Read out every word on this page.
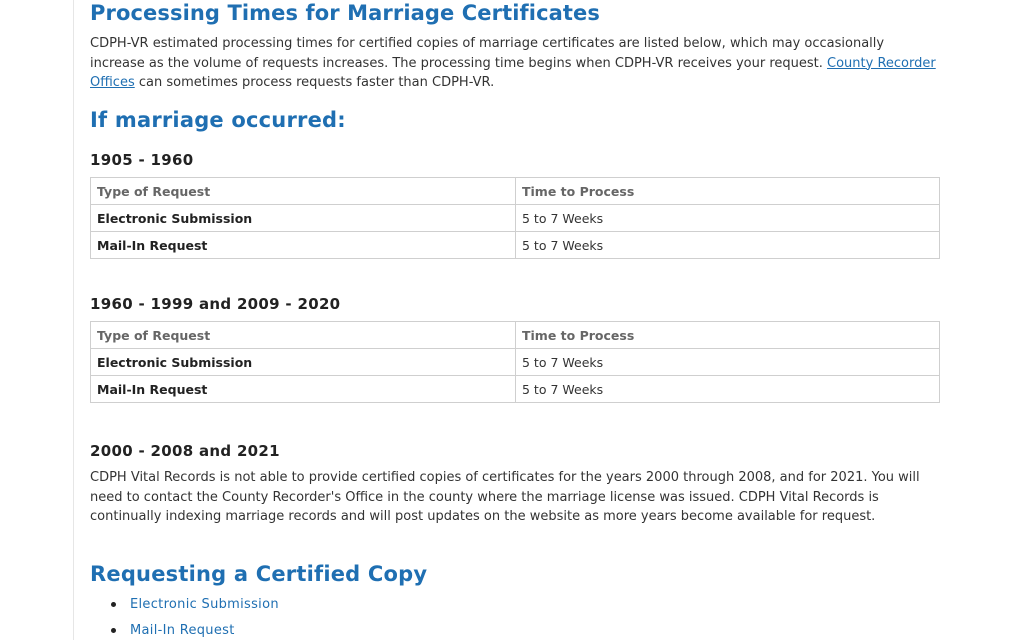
Processing Times for Marriage Certificates

CDPH-VR estimated processing times for certified copies of marriage certificates are listed below, which may occasionally increase as the volume of requests increases. The processing time begins when CDPH-VR receives your request. County Recorder Offices can sometimes process requests faster than CDPH-VR.

If marriage occurred:
1905 - 1960
Type of Request	Time to Process
Electronic Submission	5 to 7 Weeks
Mail-In Request	5 to 7 Weeks
1960 - 1999 and 2009 - 2020
Type of Request	Time to Process
Electronic Submission	5 to 7 Weeks
Mail-In Request	5 to 7 Weeks
2000 - 2008 and 2021

CDPH Vital Records is not able to provide certified copies of certificates for the years 2000 through 2008, and for 2021. You will need to contact the County Recorder's Office in the county where the marriage license was issued. CDPH Vital Records is continually indexing marriage records and will post updates on the website as more years become available for request.

Requesting a Certified Copy
Electronic Submission
Mail-In Request
